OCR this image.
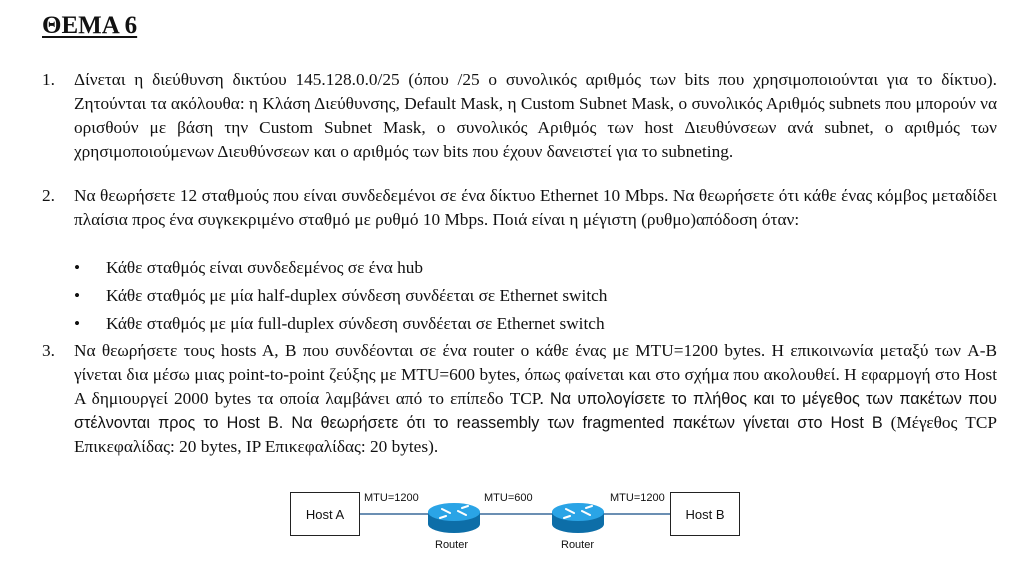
ΘΕΜΑ 6
1. Δίνεται η διεύθυνση δικτύου 145.128.0.0/25 (όπου /25 ο συνολικός αριθμός των bits που χρησιμοποιούνται για το δίκτυο). Ζητούνται τα ακόλουθα: η Κλάση Διεύθυνσης, Default Mask, η Custom Subnet Mask, ο συνολικός Αριθμός subnets που μπορούν να ορισθούν με βάση την Custom Subnet Mask, ο συνολικός Αριθμός των host Διευθύνσεων ανά subnet, ο αριθμός των χρησιμοποιούμενων Διευθύνσεων και ο αριθμός των bits που έχουν δανειστεί για το subneting.
2. Να θεωρήσετε 12 σταθμούς που είναι συνδεδεμένοι σε ένα δίκτυο Ethernet 10 Mbps. Να θεωρήσετε ότι κάθε ένας κόμβος μεταδίδει πλαίσια προς ένα συγκεκριμένο σταθμό με ρυθμό 10 Mbps. Ποιά είναι η μέγιστη (ρυθμο)απόδοση όταν:
• Κάθε σταθμός είναι συνδεδεμένος σε ένα hub
• Κάθε σταθμός με μία half-duplex σύνδεση συνδέεται σε Ethernet switch
• Κάθε σταθμός με μία full-duplex σύνδεση συνδέεται σε Ethernet switch
3. Να θεωρήσετε τους hosts A, B που συνδέονται σε ένα router ο κάθε ένας με MTU=1200 bytes. Η επικοινωνία μεταξύ των A-B γίνεται δια μέσω μιας point-to-point ζεύξης με MTU=600 bytes, όπως φαίνεται και στο σχήμα που ακολουθεί. Η εφαρμογή στο Host A δημιουργεί 2000 bytes τα οποία λαμβάνει από το επίπεδο TCP. Να υπολογίσετε το πλήθος και το μέγεθος των πακέτων που στέλνονται προς το Host B. Να θεωρήσετε ότι το reassembly των fragmented πακέτων γίνεται στο Host B (Μέγεθος TCP Επικεφαλίδας: 20 bytes, IP Επικεφαλίδας: 20 bytes).
Host A	Host B
MTU=1200	MTU=600	MTU=1200
Router	Router
